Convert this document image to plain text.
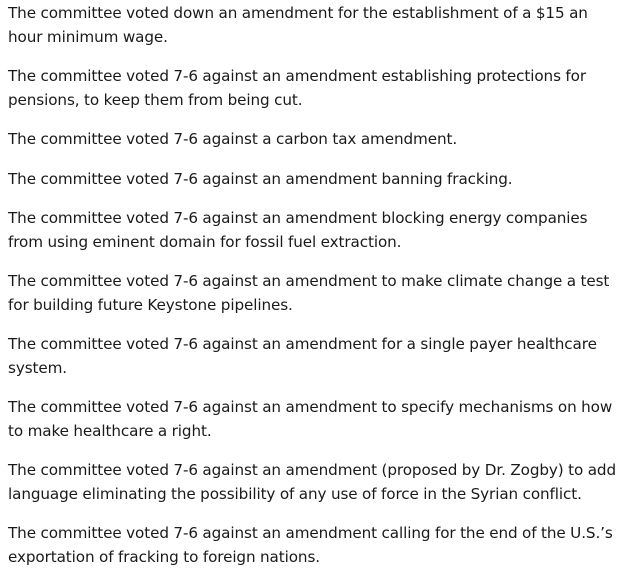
The committee voted down an amendment for the establishment of a $15 an hour minimum wage.

The committee voted 7-6 against an amendment establishing protections for pensions, to keep them from being cut.

The committee voted 7-6 against a carbon tax amendment.

The committee voted 7-6 against an amendment banning fracking.

The committee voted 7-6 against an amendment blocking energy companies from using eminent domain for fossil fuel extraction.

The committee voted 7-6 against an amendment to make climate change a test for building future Keystone pipelines.

The committee voted 7-6 against an amendment for a single payer healthcare system.

The committee voted 7-6 against an amendment to specify mechanisms on how to make healthcare a right.

The committee voted 7-6 against an amendment (proposed by Dr. Zogby) to add language eliminating the possibility of any use of force in the Syrian conflict.

The committee voted 7-6 against an amendment calling for the end of the U.S.’s exportation of fracking to foreign nations.
